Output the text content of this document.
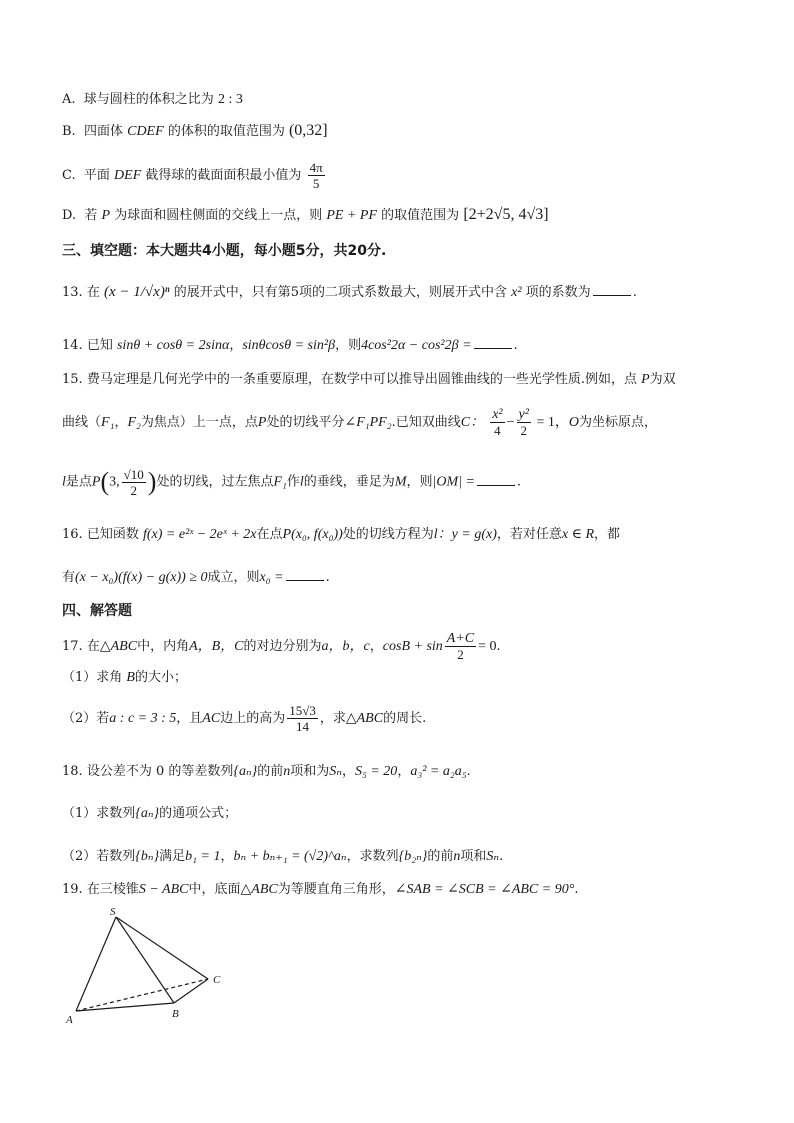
A. 球与圆柱的体积之比为 2 : 3
B. 四面体 CDEF 的体积的取值范围为 (0,32]
C. 平面 DEF 截得球的截面面积最小值为 $\frac{4\pi}{5}$
D. 若 P 为球面和圆柱侧面的交线上一点，则 PE + PF 的取值范围为 [2+2√5, 4√3]
三、填空题：本大题共4小题，每小题5分，共20分.
13. 在 (x − 1/√x)ⁿ 的展开式中，只有第5项的二项式系数最大，则展开式中含 x² 项的系数为	.
14. 已知 sinθ + cosθ = 2sinα，sinθcosθ = sin²β，则4cos²2α − cos²2β =	.
15. 费马定理是几何光学中的一条重要原理，在数学中可以推导出圆锥曲线的一些光学性质.例如，点 P为双
曲线（F₁，F₂为焦点）上一点，点P处的切线平分∠F₁PF₂.已知双曲线C： $\frac{\text{x²}}{4} - \frac{\text{y²}}{2} = 1$，O为坐标原点，
l是点P(3, $\frac{√10}{2}$ )处的切线，过左焦点F₁作l的垂线，垂足为M，则|OM| =	.
16. 已知函数 f(x) = e²ˣ − 2eˣ + 2x在点P(x₀, f(x₀))处的切线方程为l：y = g(x)，若对任意x ∈ R，都
有(x − x₀)(f(x) − g(x)) ≥ 0成立，则x₀ =	.
四、解答题
17. 在△ABC中，内角A，B，C的对边分别为a，b，c，$\cos B + \sin \frac{A+C}{2} = 0$.
（1）求角 B的大小；
（2）若a : c = 3 : 5，且AC边上的高为 $\frac{15√3}{14}$ ，求△ABC的周长.
18. 设公差不为 0 的等差数列{aₙ}的前n项和为Sₙ，S₅ = 20，a₃² = a₂a₅.
（1）求数列{aₙ}的通项公式；
（2）若数列{bₙ}满足b₁ = 1，bₙ + bₙ₊₁ = (√2)^aₙ，求数列{b₂ₙ}的前n项和Sₙ.
19. 在三棱锥S − ABC中，底面△ABC为等腰直角三角形，∠SAB = ∠SCB = ∠ABC = 90°.
S
A	B
C
